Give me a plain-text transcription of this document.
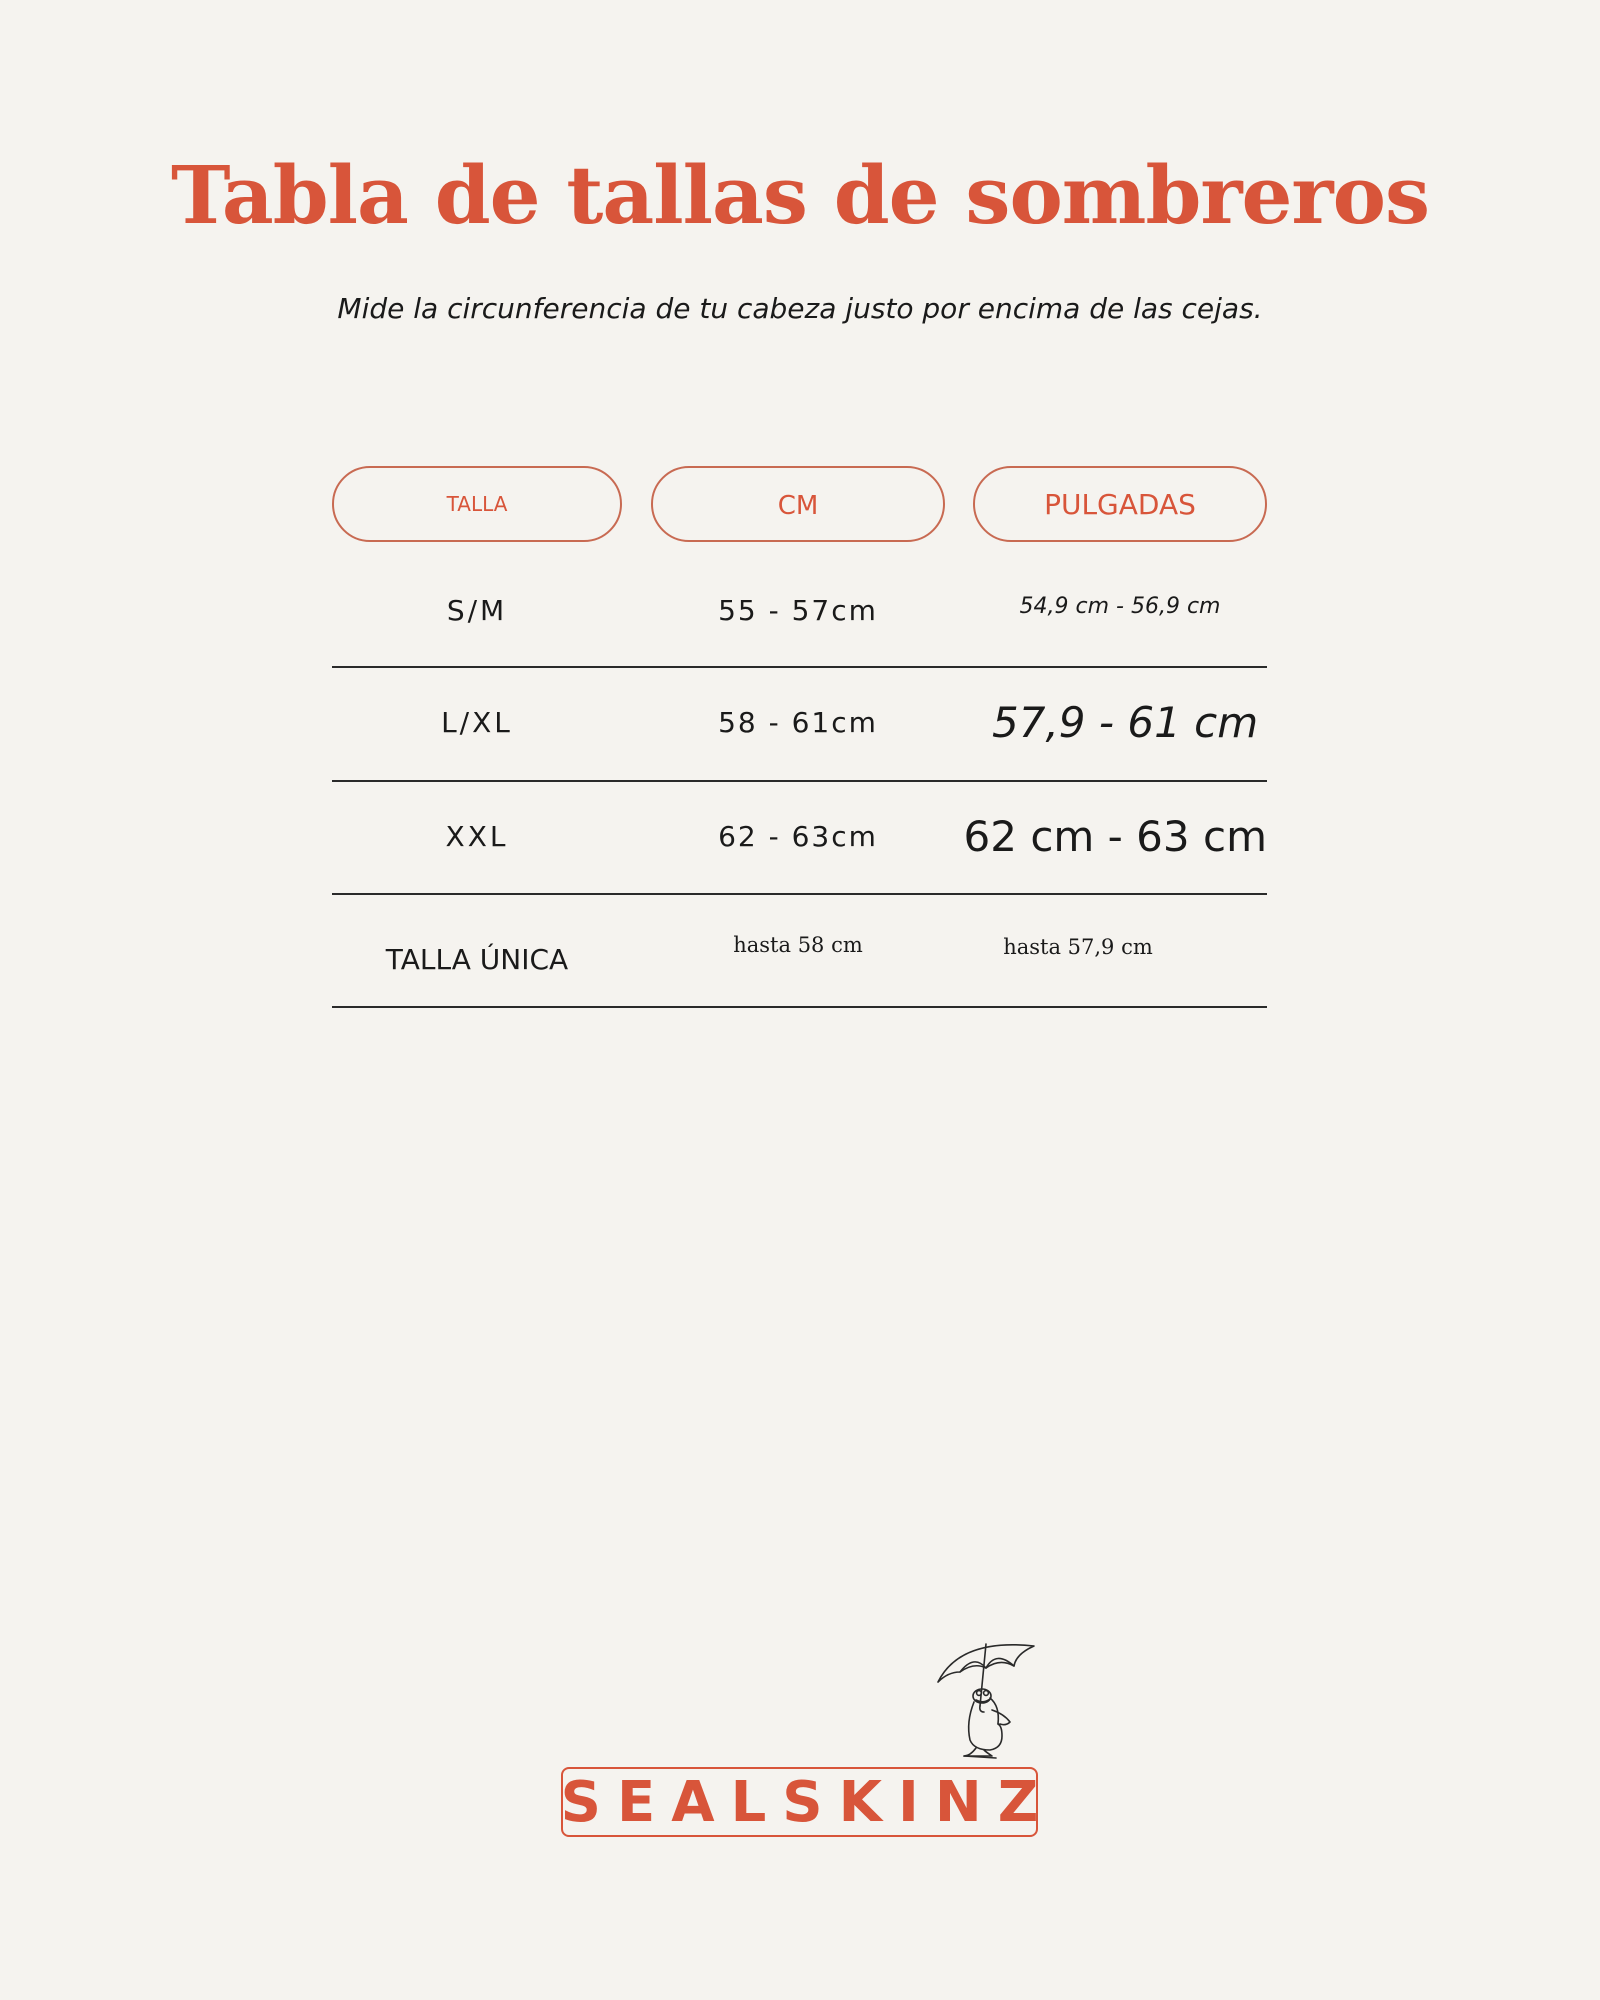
Tabla de tallas de sombreros
Mide la circunferencia de tu cabeza justo por encima de las cejas.
TALLA	CM	PULGADAS
S/M	55 - 57cm	54,9 cm - 56,9 cm
L/XL	58 - 61cm	57,9 - 61 cm
XXL	62 - 63cm	62 cm - 63 cm
TALLA ÚNICA	hasta 58 cm	hasta 57,9 cm
SEALSKINZ
